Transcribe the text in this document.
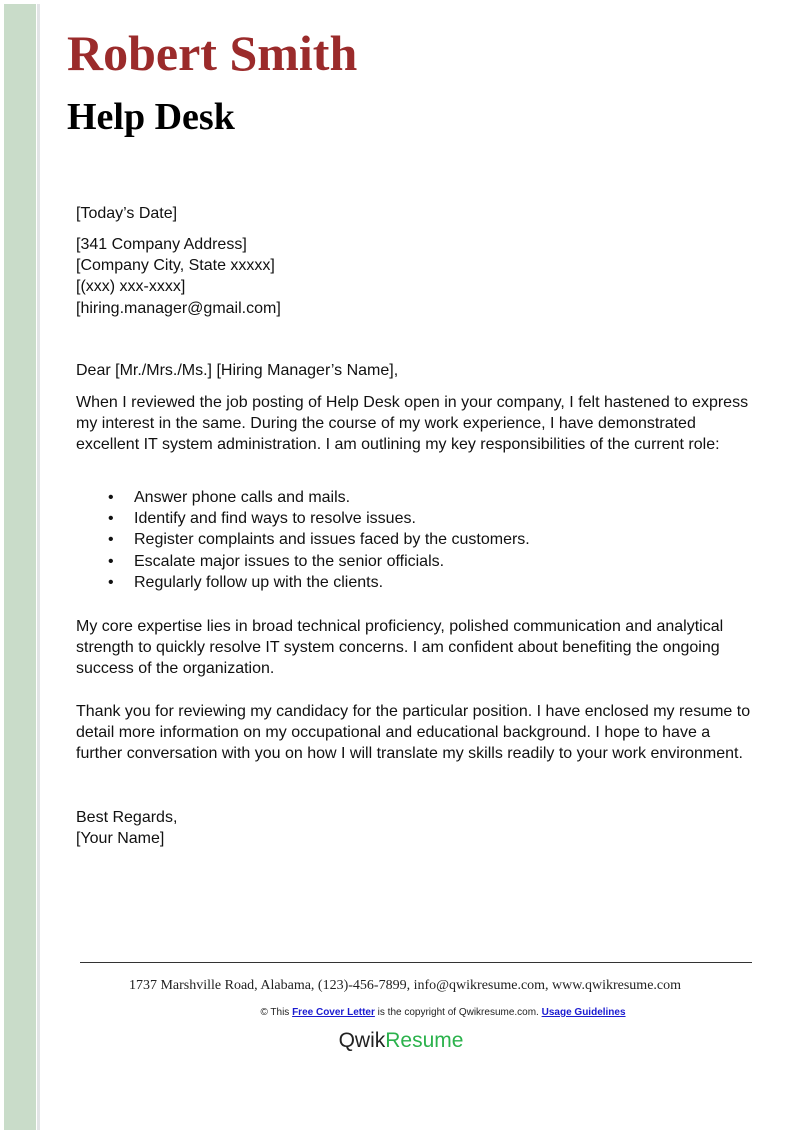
Robert Smith
Help Desk
[Today’s Date]

[341 Company Address]

[Company City, State xxxxx]

[(xxx) xxx-xxxx]

[hiring.manager@gmail.com]

Dear [Mr./Mrs./Ms.] [Hiring Manager’s Name],
When I reviewed the job posting of Help Desk open in your company, I felt hastened to express my interest in the same. During the course of my work experience, I have demonstrated excellent IT system administration. I am outlining my key responsibilities of the current role:
• Answer phone calls and mails.
• Identify and find ways to resolve issues.
• Register complaints and issues faced by the customers.
• Escalate major issues to the senior officials.
• Regularly follow up with the clients.
My core expertise lies in broad technical proficiency, polished communication and analytical strength to quickly resolve IT system concerns. I am confident about benefiting the ongoing success of the organization.
Thank you for reviewing my candidacy for the particular position. I have enclosed my resume to detail more information on my occupational and educational background. I hope to have a further conversation with you on how I will translate my skills readily to your work environment.

Best Regards,

[Your Name]

1737 Marshville Road, Alabama, (123)-456-7899, info@qwikresume.com, www.qwikresume.com
© This Free Cover Letter is the copyright of Qwikresume.com. Usage Guidelines
QwikResume
